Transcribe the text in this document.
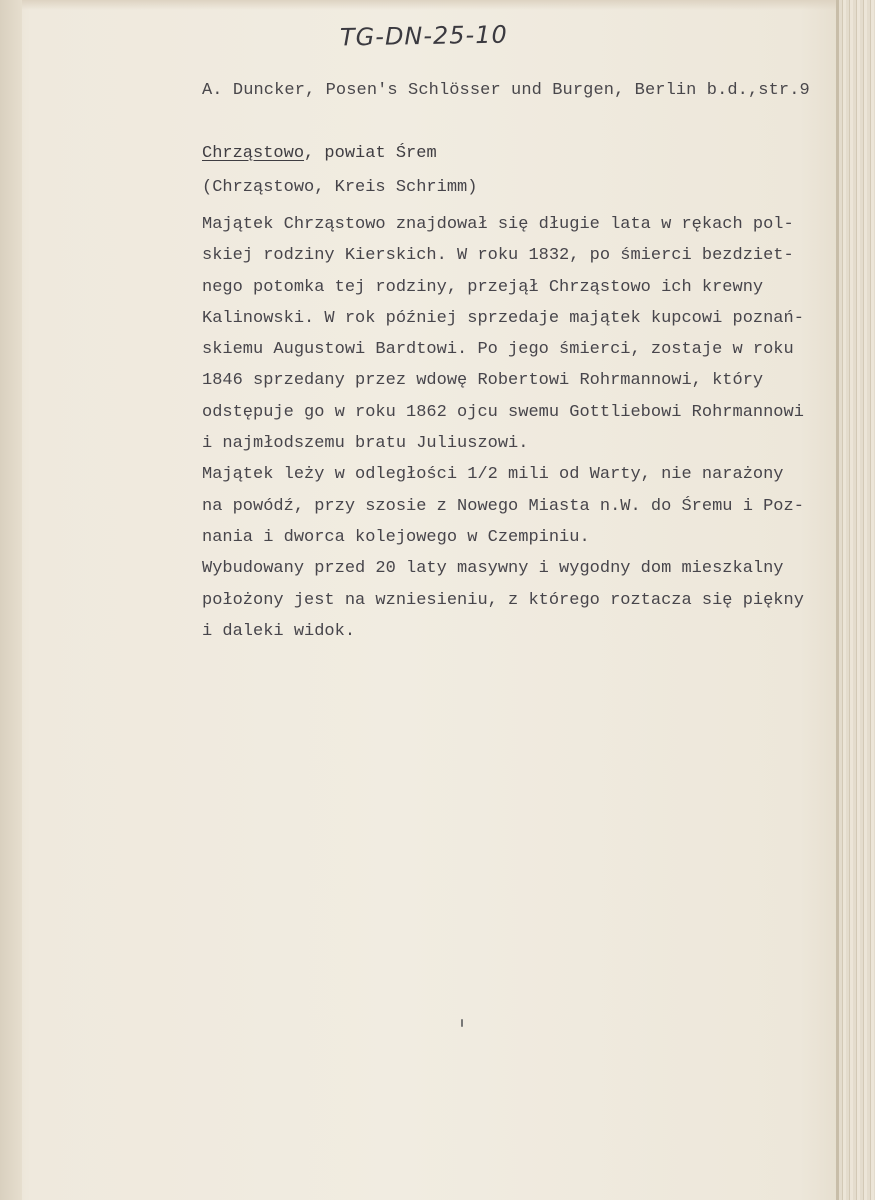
TG-DN-25-10
A. Duncker, Posen's Schlösser und Burgen, Berlin b.d.,str.9
Chrząstowo, powiat Śrem
(Chrząstowo, Kreis Schrimm)
Majątek Chrząstowo znajdował się długie lata w rękach pol-
skiej rodziny Kierskich. W roku 1832, po śmierci bezdziet-
nego potomka tej rodziny, przejął Chrząstowo ich krewny
Kalinowski. W rok później sprzedaje majątek kupcowi poznań-
skiemu Augustowi Bardtowi. Po jego śmierci, zostaje w roku
1846 sprzedany przez wdowę Robertowi Rohrmannowi, który
odstępuje go w roku 1862 ojcu swemu Gottliebowi Rohrmannowi
i najmłodszemu bratu Juliuszowi.
Majątek leży w odległości 1/2 mili od Warty, nie narażony
na powódź, przy szosie z Nowego Miasta n.W. do Śremu i Poz-
nania i dworca kolejowego w Czempiniu.
Wybudowany przed 20 laty masywny i wygodny dom mieszkalny
położony jest na wzniesieniu, z którego roztacza się piękny
i daleki widok.
